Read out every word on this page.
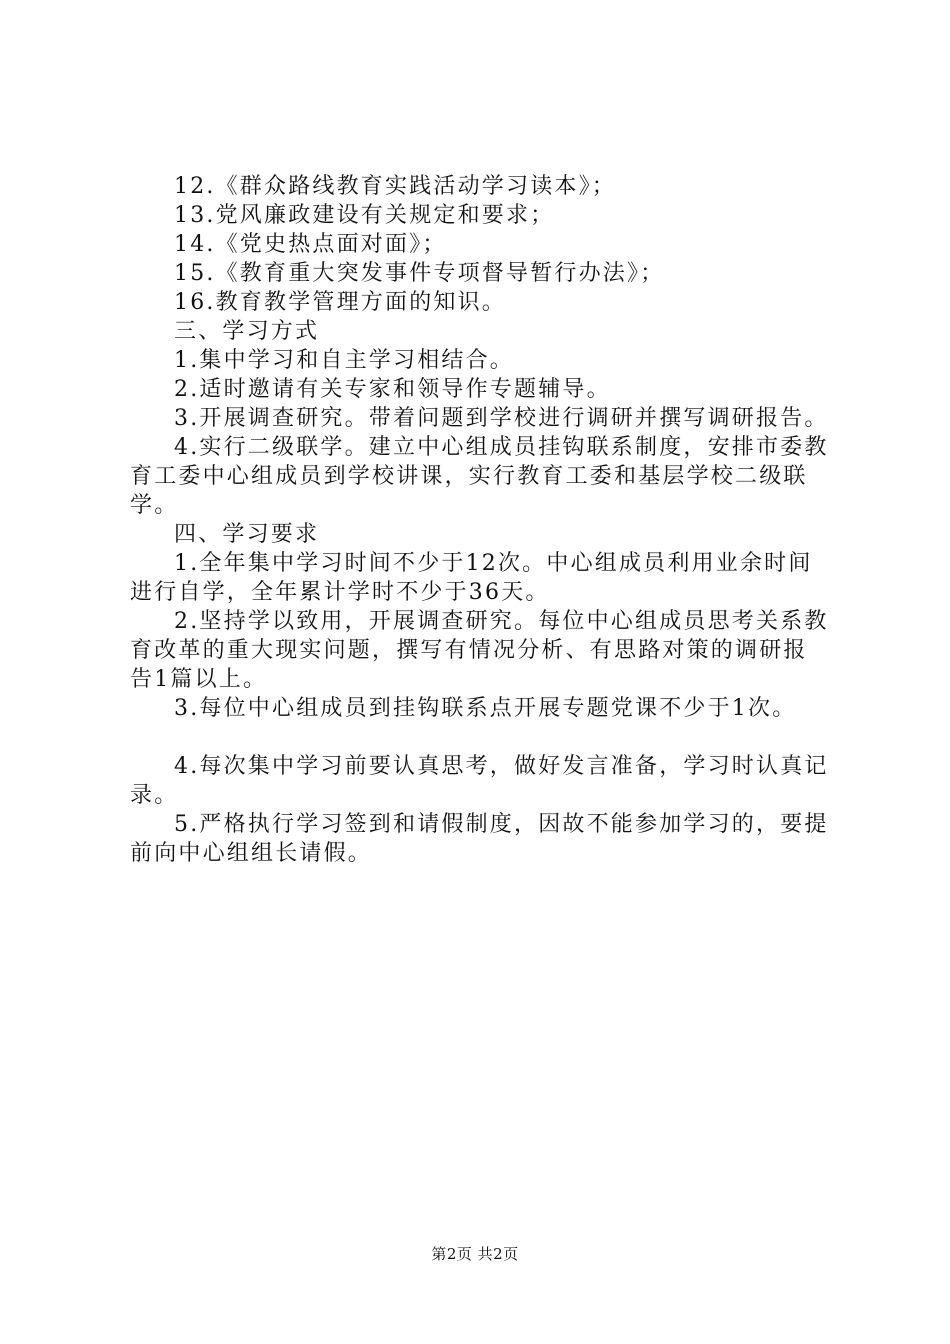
12.《群众路线教育实践活动学习读本》；

13.党风廉政建设有关规定和要求；

14.《党史热点面对面》；

15.《教育重大突发事件专项督导暂行办法》；

16.教育教学管理方面的知识。

三、学习方式

1.集中学习和自主学习相结合。

2.适时邀请有关专家和领导作专题辅导。

3.开展调查研究。带着问题到学校进行调研并撰写调研报告。

4.实行二级联学。建立中心组成员挂钩联系制度，安排市委教育工委中心组成员到学校讲课，实行教育工委和基层学校二级联学。

四、学习要求

1.全年集中学习时间不少于12次。中心组成员利用业余时间进行自学，全年累计学时不少于36天。

2.坚持学以致用，开展调查研究。每位中心组成员思考关系教育改革的重大现实问题，撰写有情况分析、有思路对策的调研报告1篇以上。

3.每位中心组成员到挂钩联系点开展专题党课不少于1次。

4.每次集中学习前要认真思考，做好发言准备，学习时认真记录。

5.严格执行学习签到和请假制度，因故不能参加学习的，要提前向中心组组长请假。

第2页 共2页
